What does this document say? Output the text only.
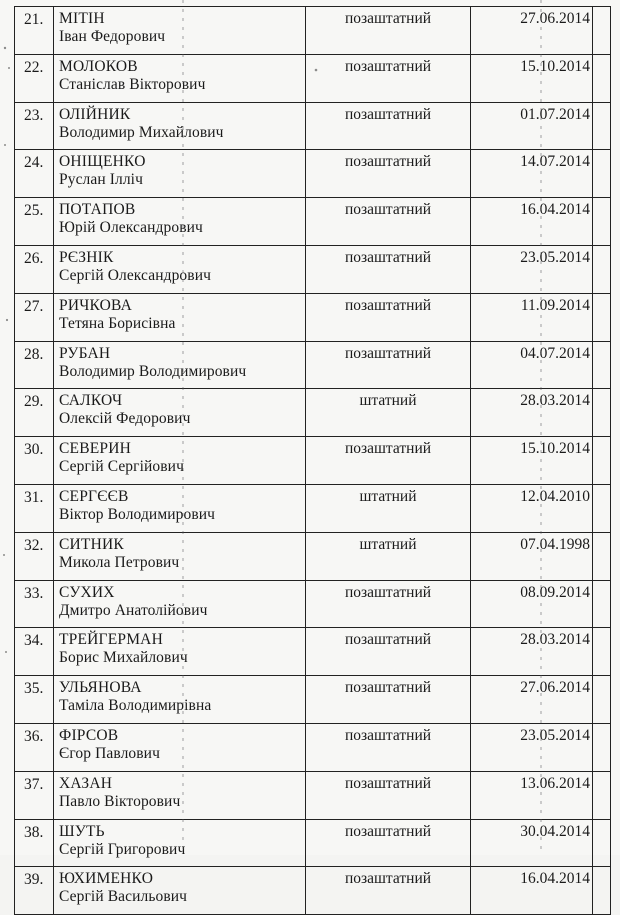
21.	МІТІН
Іван Федорович	позаштатний	27.06.2014	
22.	МОЛОКОВ
Станіслав Вікторович	позаштатний	15.10.2014	
23.	ОЛІЙНИК
Володимир Михайлович	позаштатний	01.07.2014	
24.	ОНІЩЕНКО
Руслан Ілліч	позаштатний	14.07.2014	
25.	ПОТАПОВ
Юрій Олександрович	позаштатний	16.04.2014	
26.	РЄЗНІК
Сергій Олександрович	позаштатний	23.05.2014	
27.	РИЧКОВА
Тетяна Борисівна	позаштатний	11.09.2014	
28.	РУБАН
Володимир Володимирович	позаштатний	04.07.2014	
29.	САЛКОЧ
Олексій Федорович	штатний	28.03.2014	
30.	СЕВЕРИН
Сергій Сергійович	позаштатний	15.10.2014	
31.	СЕРГЄЄВ
Віктор Володимирович	штатний	12.04.2010	
32.	СИТНИК
Микола Петрович	штатний	07.04.1998	
33.	СУХИХ
Дмитро Анатолійович	позаштатний	08.09.2014	
34.	ТРЕЙГЕРМАН
Борис Михайлович	позаштатний	28.03.2014	
35.	УЛЬЯНОВА
Таміла Володимирівна	позаштатний	27.06.2014	
36.	ФІРСОВ
Єгор Павлович	позаштатний	23.05.2014	
37.	ХАЗАН
Павло Вікторович	позаштатний	13.06.2014	
38.	ШУТЬ
Сергій Григорович	позаштатний	30.04.2014	
39.	ЮХИМЕНКО
Сергій Васильович	позаштатний	16.04.2014	
